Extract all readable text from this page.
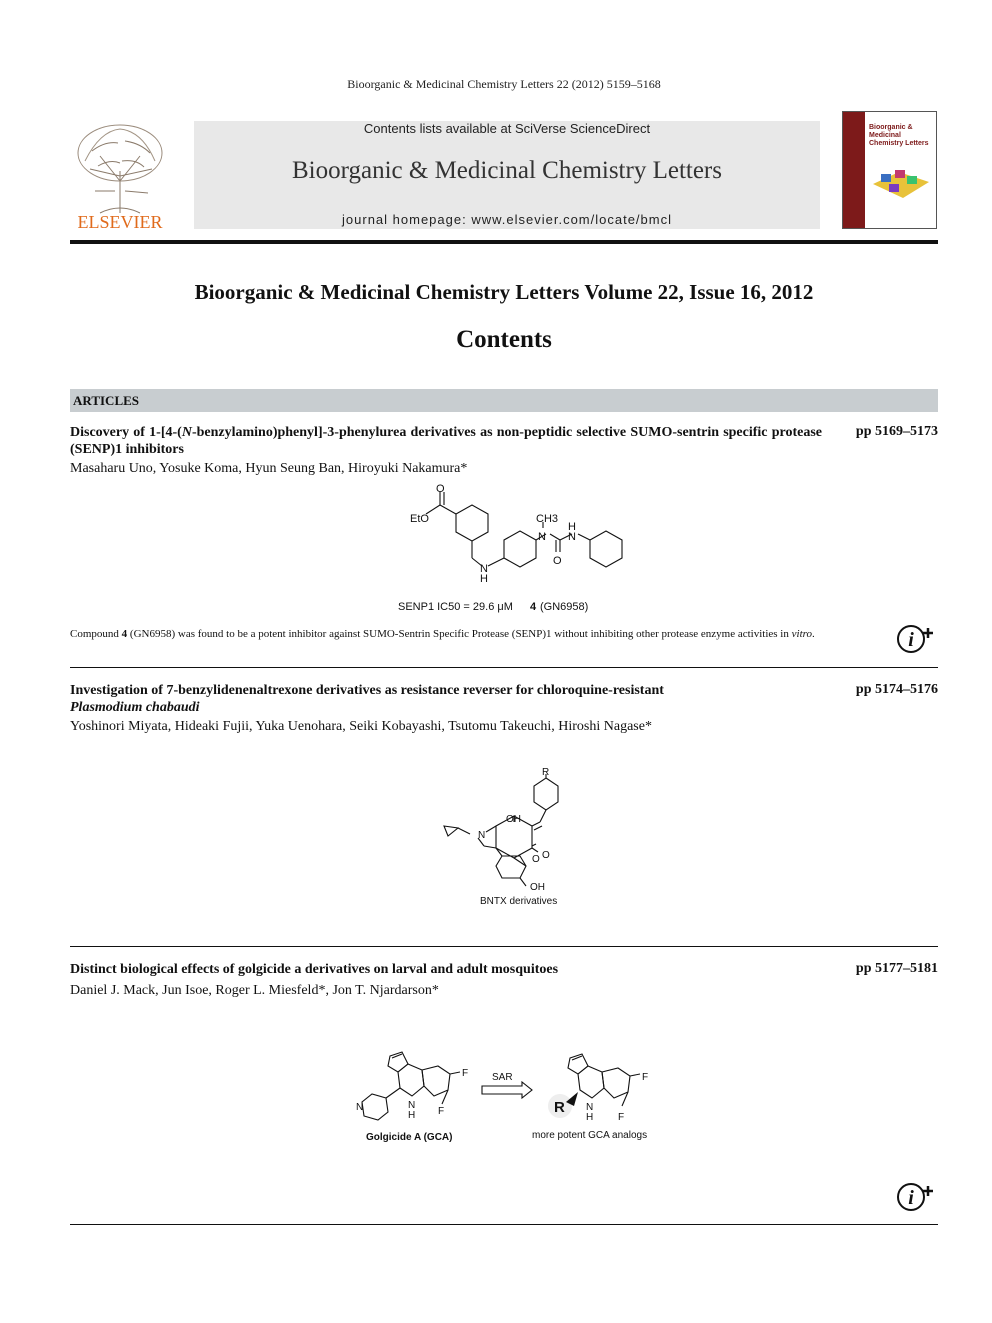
Bioorganic & Medicinal Chemistry Letters 22 (2012) 5159–5168
ELSEVIER
Contents lists available at SciVerse ScienceDirect
Bioorganic & Medicinal Chemistry Letters
journal homepage: www.elsevier.com/locate/bmcl
Bioorganic & Medicinal Chemistry Letters
Bioorganic & Medicinal Chemistry Letters Volume 22, Issue 16, 2012
Contents
ARTICLES
Discovery of 1-[4-(N-benzylamino)phenyl]-3-phenylurea derivatives as non-peptidic selective SUMO-sentrin specific protease (SENP)1 inhibitors
pp 5169–5173
Masaharu Uno, Yosuke Koma, Hyun Seung Ban, Hiroyuki Nakamura*
EtO
O
N
H
N
CH3
O
N
H
SENP1 IC50 = 29.6 μM 4 (GN6958)
Compound 4 (GN6958) was found to be a potent inhibitor against SUMO-Sentrin Specific Protease (SENP)1 without inhibiting other protease enzyme activities in vitro.	i
Investigation of 7-benzylidenenaltrexone derivatives as resistance reverser for chloroquine-resistant
Plasmodium chabaudi
pp 5174–5176
Yoshinori Miyata, Hideaki Fujii, Yuka Uenohara, Seiki Kobayashi, Tsutomu Takeuchi, Hiroshi Nagase*
R
OH
N
O O
OH
BNTX derivatives
Distinct biological effects of golgicide a derivatives on larval and adult mosquitoes	pp 5177–5181
Daniel J. Mack, Jun Isoe, Roger L. Miesfeld*, Jon T. Njardarson*
F
F
N
H
N
Golgicide A (GCA)
SAR
R
F
F
N
H
more potent GCA analogs
i
